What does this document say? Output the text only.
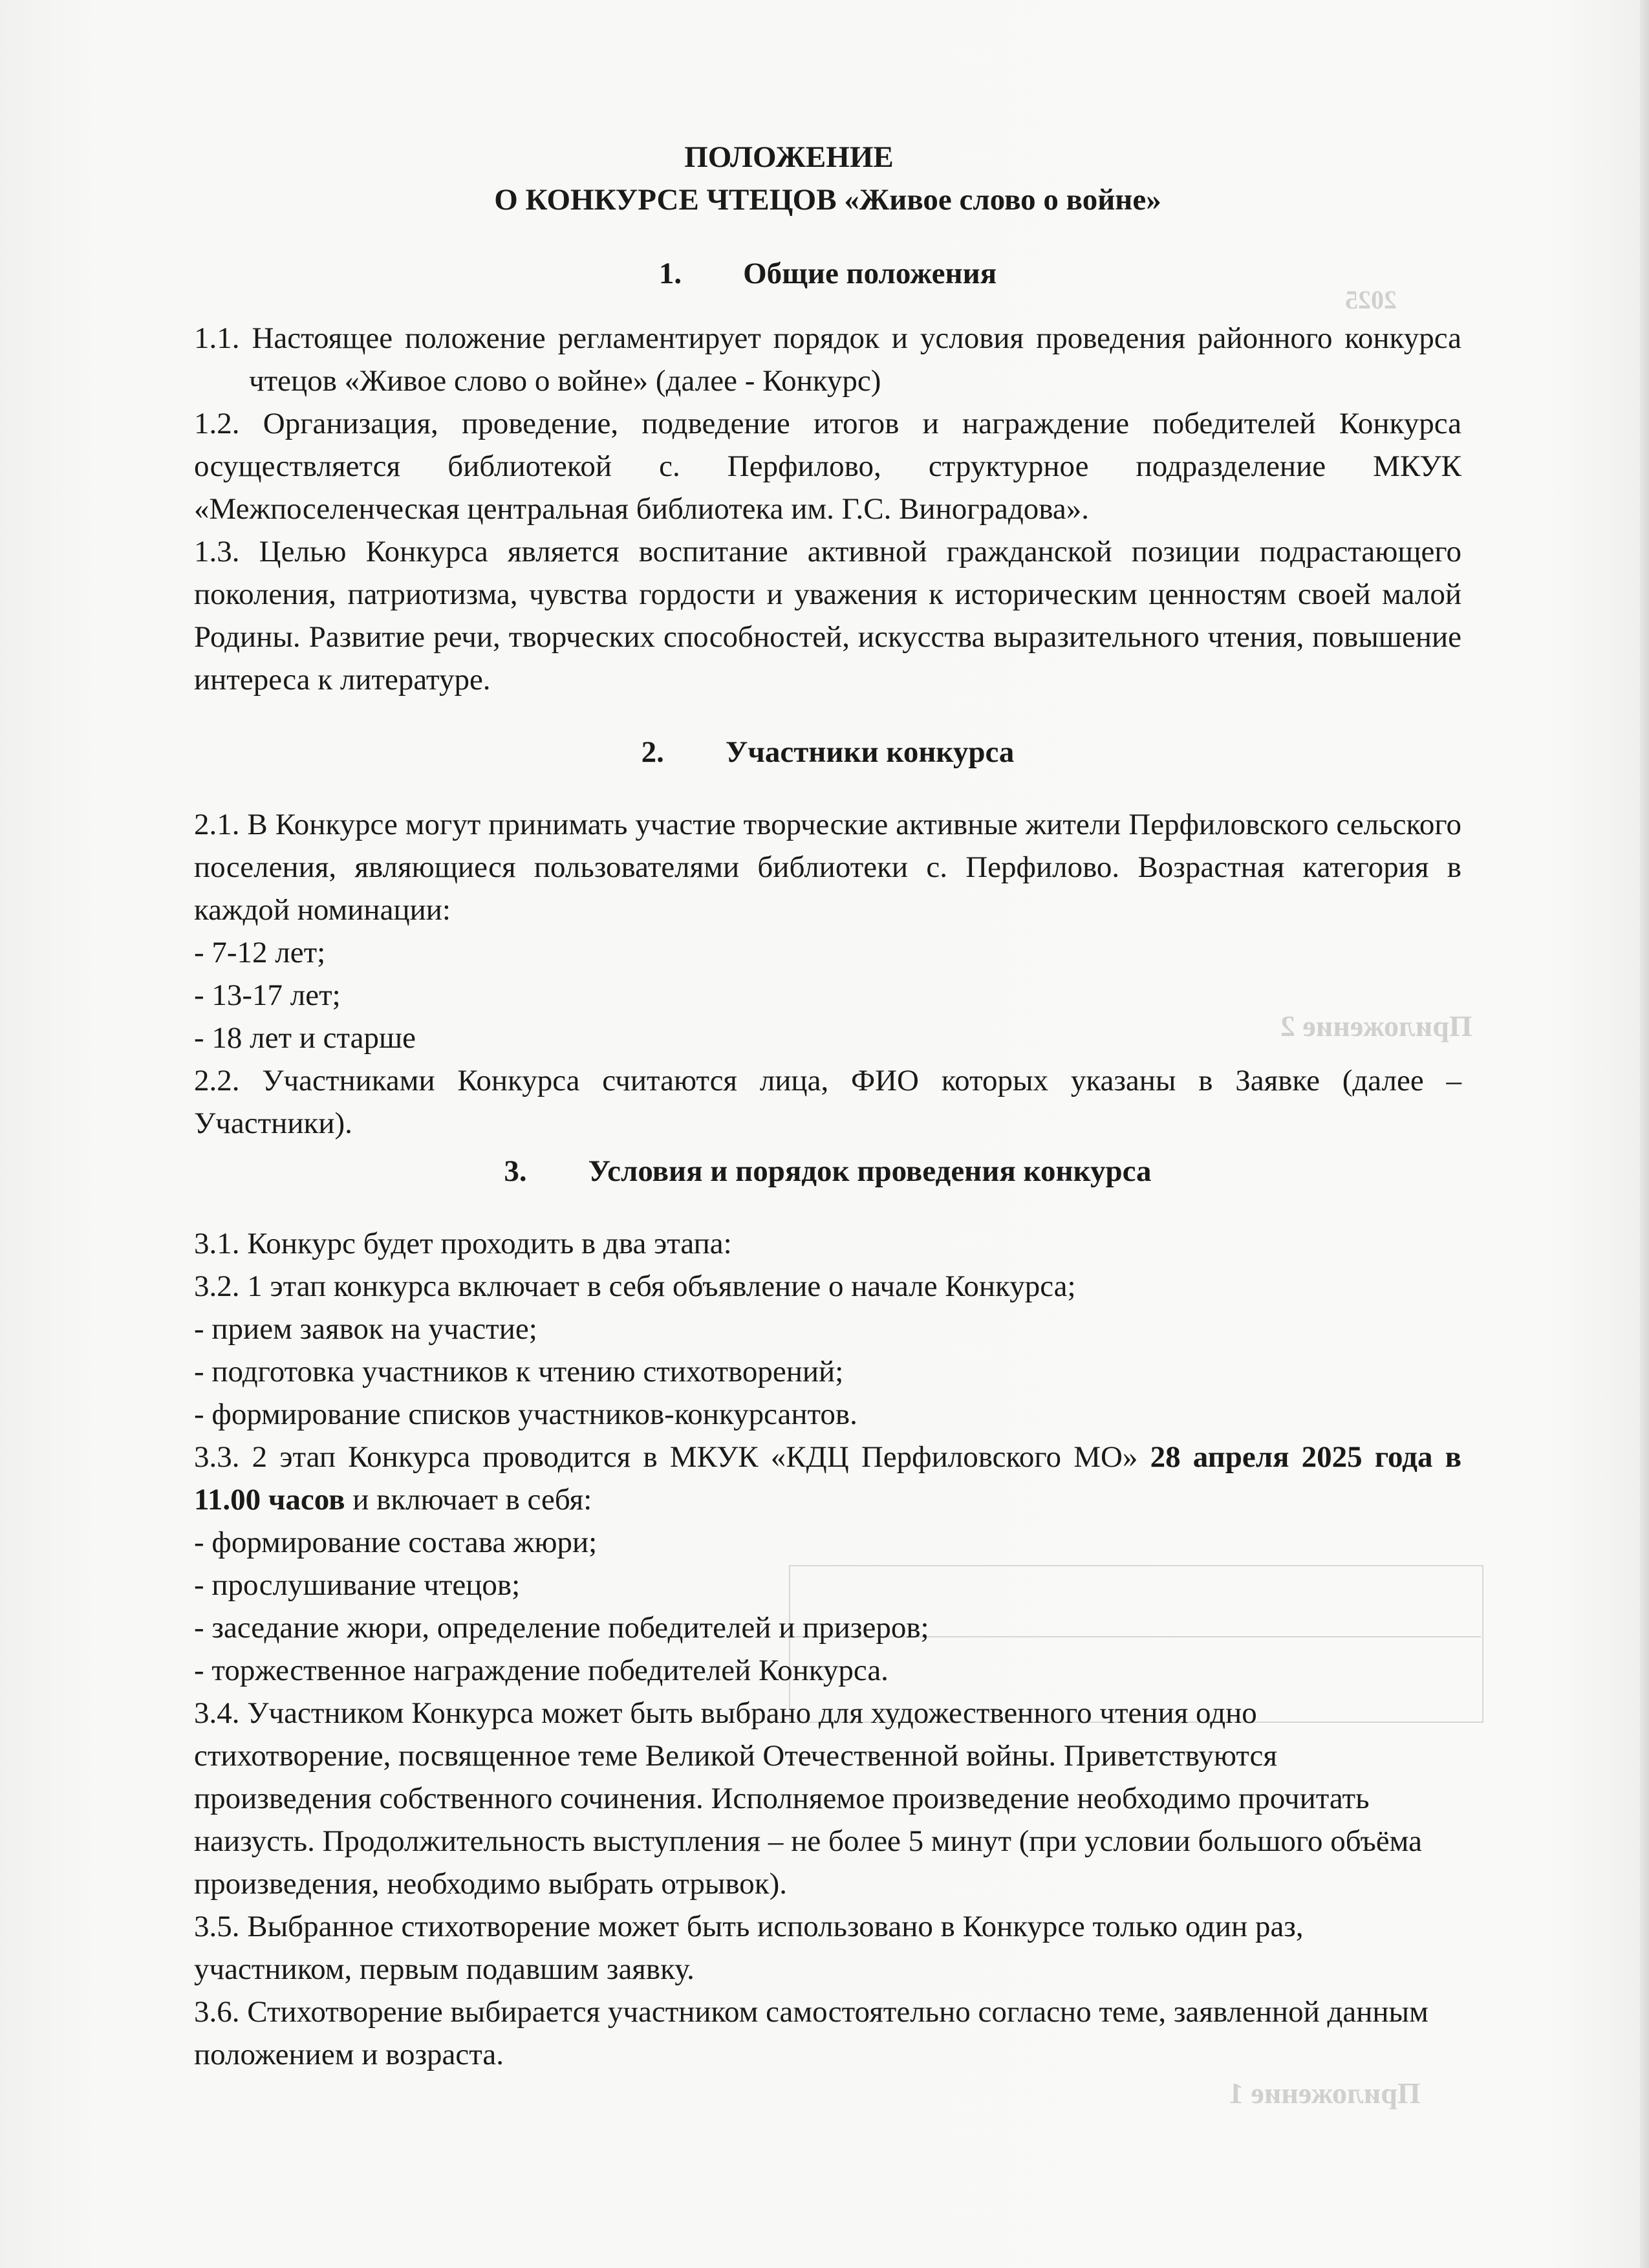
2025
Приложение 2
Приложение 1

ПОЛОЖЕНИЕ

О КОНКУРСЕ ЧТЕЦОВ «Живое слово о войне»

1. Общие положения

1.1. Настоящее положение регламентирует порядок и условия проведения районного конкурса чтецов «Живое слово о войне» (далее - Конкурс)

1.2. Организация, проведение, подведение итогов и награждение победителей Конкурса осуществляется библиотекой с. Перфилово, структурное подразделение МКУК «Межпоселенческая центральная библиотека им. Г.С. Виноградова».

1.3. Целью Конкурса является воспитание активной гражданской позиции подрастающего поколения, патриотизма, чувства гордости и уважения к историческим ценностям своей малой Родины. Развитие речи, творческих способностей, искусства выразительного чтения, повышение интереса к литературе.

2. Участники конкурса

2.1. В Конкурсе могут принимать участие творческие активные жители Перфиловского сельского поселения, являющиеся пользователями библиотеки с. Перфилово. Возрастная категория в каждой номинации:

- 7-12 лет;

- 13-17 лет;

- 18 лет и старше

2.2. Участниками Конкурса считаются лица, ФИО которых указаны в Заявке (далее – Участники).

3. Условия и порядок проведения конкурса

3.1. Конкурс будет проходить в два этапа:

3.2. 1 этап конкурса включает в себя объявление о начале Конкурса;

- прием заявок на участие;

- подготовка участников к чтению стихотворений;

- формирование списков участников-конкурсантов.

3.3. 2 этап Конкурса проводится в МКУК «КДЦ Перфиловского МО» 28 апреля 2025 года в 11.00 часов и включает в себя:

- формирование состава жюри;

- прослушивание чтецов;

- заседание жюри, определение победителей и призеров;

- торжественное награждение победителей Конкурса.

3.4. Участником Конкурса может быть выбрано для художественного чтения одно стихотворение, посвященное теме Великой Отечественной войны. Приветствуются произведения собственного сочинения. Исполняемое произведение необходимо прочитать наизусть. Продолжительность выступления – не более 5 минут (при условии большого объёма произведения, необходимо выбрать отрывок).

3.5. Выбранное стихотворение может быть использовано в Конкурсе только один раз, участником, первым подавшим заявку.

3.6. Стихотворение выбирается участником самостоятельно согласно теме, заявленной данным положением и возраста.
